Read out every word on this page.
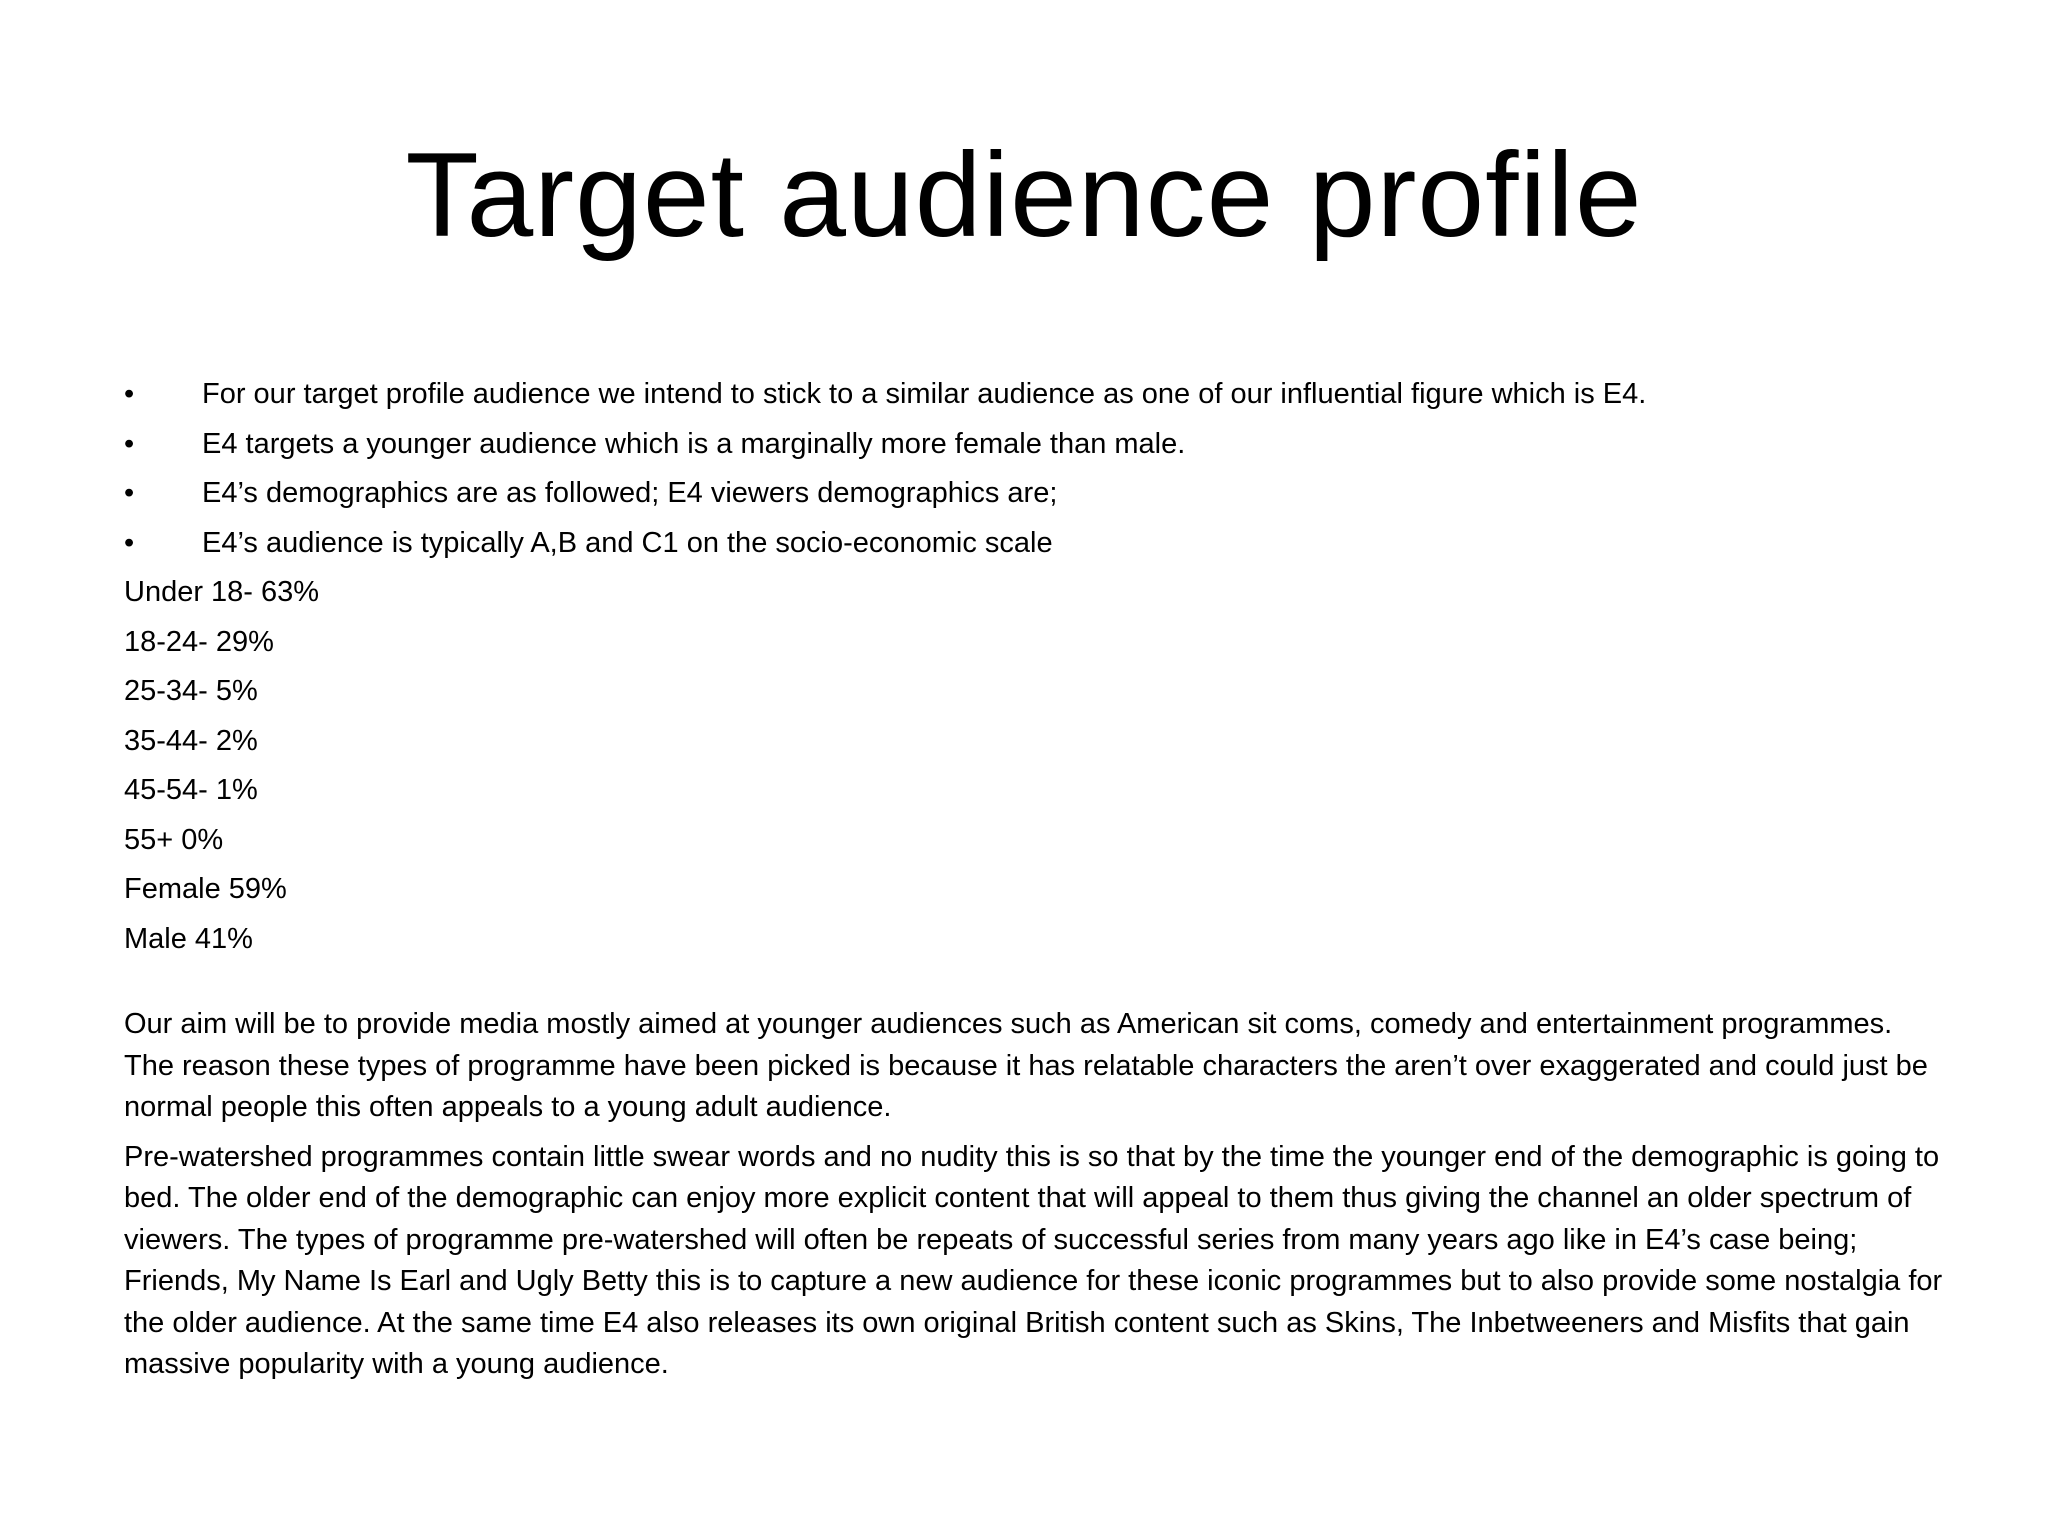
Target audience profile
•	For our target profile audience we intend to stick to a similar audience as one of our influential figure which is E4.
•	E4 targets a younger audience which is a marginally more female than male.
•	E4’s demographics are as followed; E4 viewers demographics are;
•	E4’s audience is typically A,B and C1 on the socio-economic scale
Under 18- 63%
18-24- 29%
25-34- 5%
35-44- 2%
45-54- 1%
55+ 0%
Female 59%
Male 41%

Our aim will be to provide media mostly aimed at younger audiences such as American sit coms, comedy and entertainment programmes. The reason these types of programme have been picked is because it has relatable characters the aren’t over exaggerated and could just be normal people this often appeals to a young adult audience.

Pre-watershed programmes contain little swear words and no nudity this is so that by the time the younger end of the demographic is going to bed. The older end of the demographic can enjoy more explicit content that will appeal to them thus giving the channel an older spectrum of viewers. The types of programme pre-watershed will often be repeats of successful series from many years ago like in E4’s case being; Friends, My Name Is Earl and Ugly Betty this is to capture a new audience for these iconic programmes but to also provide some nostalgia for the older audience. At the same time E4 also releases its own original British content such as Skins, The Inbetweeners and Misfits that gain massive popularity with a young audience.
